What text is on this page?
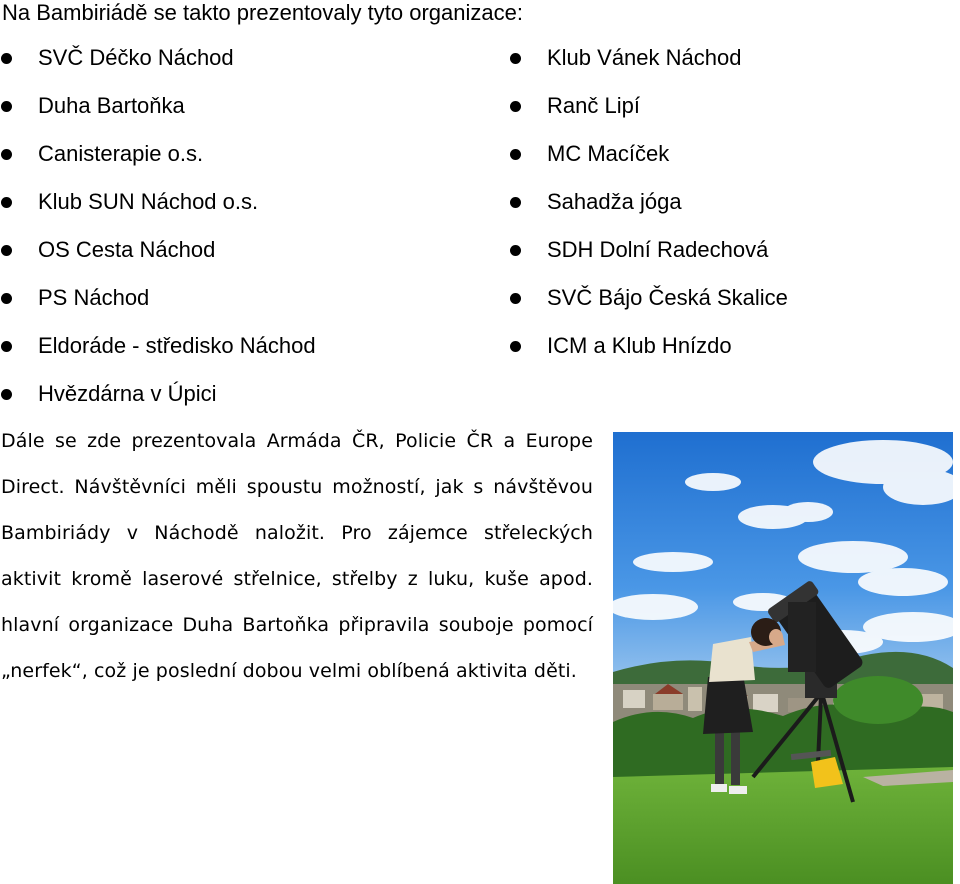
Na Bambiriádě se takto prezentovaly tyto organizace:

SVČ Déčko Náchod
Duha Bartoňka
Canisterapie o.s.
Klub SUN Náchod o.s.
OS Cesta Náchod
PS Náchod
Eldoráde - středisko Náchod
Hvězdárna v Úpici
Klub Vánek Náchod
Ranč Lipí
MC Macíček
Sahadža jóga
SDH Dolní Radechová
SVČ Bájo Česká Skalice
ICM a Klub Hnízdo

Dále se zde prezentovala Armáda ČR, Policie ČR a Europe Direct. Návštěvníci měli spoustu možností, jak s návštěvou Bambiriády v Náchodě naložit. Pro zájemce střeleckých aktivit kromě laserové střelnice, střelby z luku, kuše apod. hlavní organizace Duha Bartoňka připravila souboje pomocí „nerfek“, což je poslední dobou velmi oblíbená aktivita děti.
